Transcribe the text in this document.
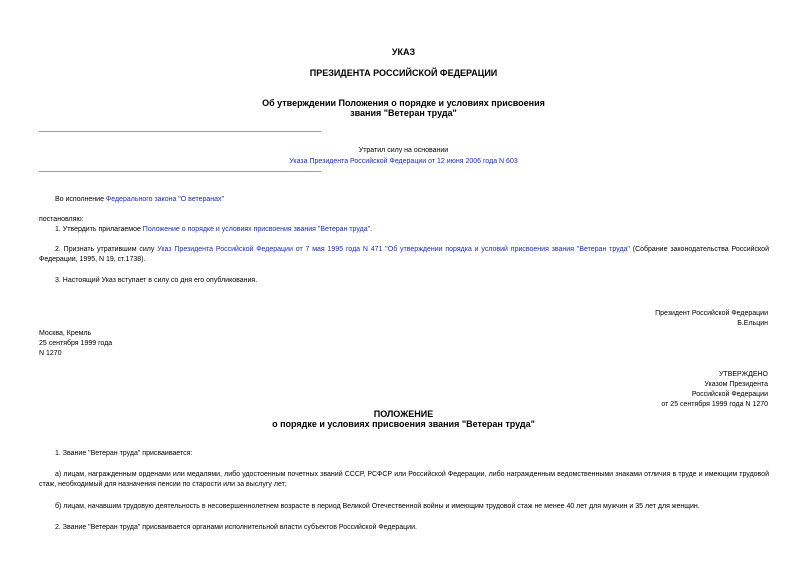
УКАЗ
ПРЕЗИДЕНТА РОССИЙСКОЙ ФЕДЕРАЦИИ
Об утверждении Положения о порядке и условиях присвоения
звания "Ветеран труда"
Утратил силу на основании
Указа Президента Российской Федерации от 12 июня 2006 года N 603
Во исполнение Федерального закона "О ветеранах"
постановляю:
1. Утвердить прилагаемое Положение о порядке и условиях присвоения звания "Ветеран труда".
2. Признать утратившим силу Указ Президента Российской Федерации от 7 мая 1995 года N 471 "Об утверждении порядка и условий присвоения звания "Ветеран труда" (Собрание законодательства Российской Федерации, 1995, N 19, ст.1738).
3. Настоящий Указ вступает в силу со дня его опубликования.
Президент Российской Федерации
Б.Ельцин
Москва, Кремль
25 сентября 1999 года
N 1270
УТВЕРЖДЕНО
Указом Президента
Российской Федерации
от 25 сентября 1999 года N 1270
ПОЛОЖЕНИЕ
о порядке и условиях присвоения звания "Ветеран труда"
1. Звание "Ветеран труда" присваивается:
а) лицам, награжденным орденами или медалями, либо удостоенным почетных званий СССР, РСФСР или Российской Федерации, либо награжденным ведомственными знаками отличия в труде и имеющим трудовой стаж, необходимый для назначения пенсии по старости или за выслугу лет;
б) лицам, начавшим трудовую деятельность в несовершеннолетнем возрасте в период Великой Отечественной войны и имеющим трудовой стаж не менее 40 лет для мужчин и 35 лет для женщин.
2. Звание "Ветеран труда" присваивается органами исполнительной власти субъектов Российской Федерации.
